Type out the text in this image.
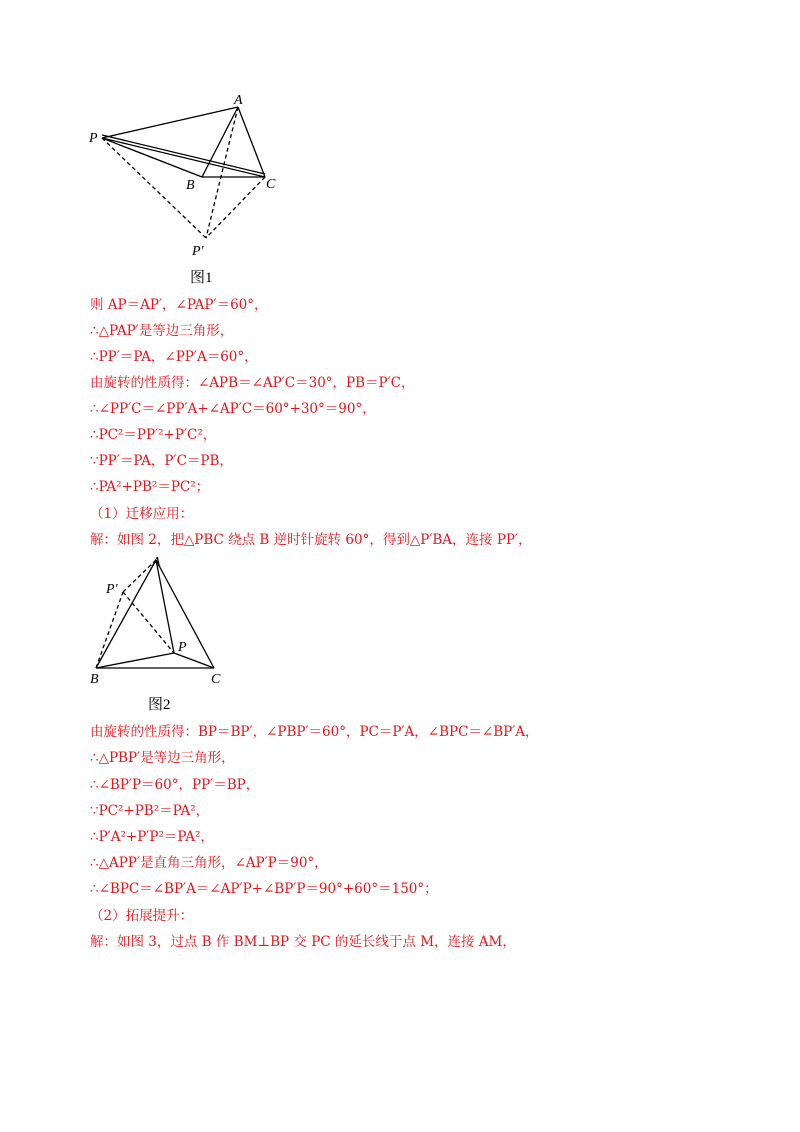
A
P
B	C
P′
图1
则 AP＝AP′，∠PAP′＝60°，
∴△PAP′是等边三角形，
∴PP′＝PA，∠PP′A＝60°，
由旋转的性质得：∠APB＝∠AP′C＝30°，PB＝P′C，
∴∠PP′C＝∠PP′A+∠AP′C＝60°+30°＝90°，
∴PC²＝PP′²+P′C²，
∵PP′＝PA，P′C＝PB，
∴PA²+PB²＝PC²；
（1）迁移应用：
解：如图 2，把△PBC 绕点 B 逆时针旋转 60°，得到△P′BA，连接 PP′，
A
P′
P
B	C
图2
由旋转的性质得：BP＝BP′，∠PBP′＝60°，PC＝P′A，∠BPC＝∠BP′A，
∴△PBP′是等边三角形，
∴∠BP′P＝60°，PP′＝BP，
∵PC²+PB²＝PA²，
∴P′A²+P′P²＝PA²，
∴△APP′是直角三角形，∠AP′P＝90°，
∴∠BPC＝∠BP′A＝∠AP′P+∠BP′P＝90°+60°＝150°；
（2）拓展提升：
解：如图 3，过点 B 作 BM⊥BP 交 PC 的延长线于点 M，连接 AM，
